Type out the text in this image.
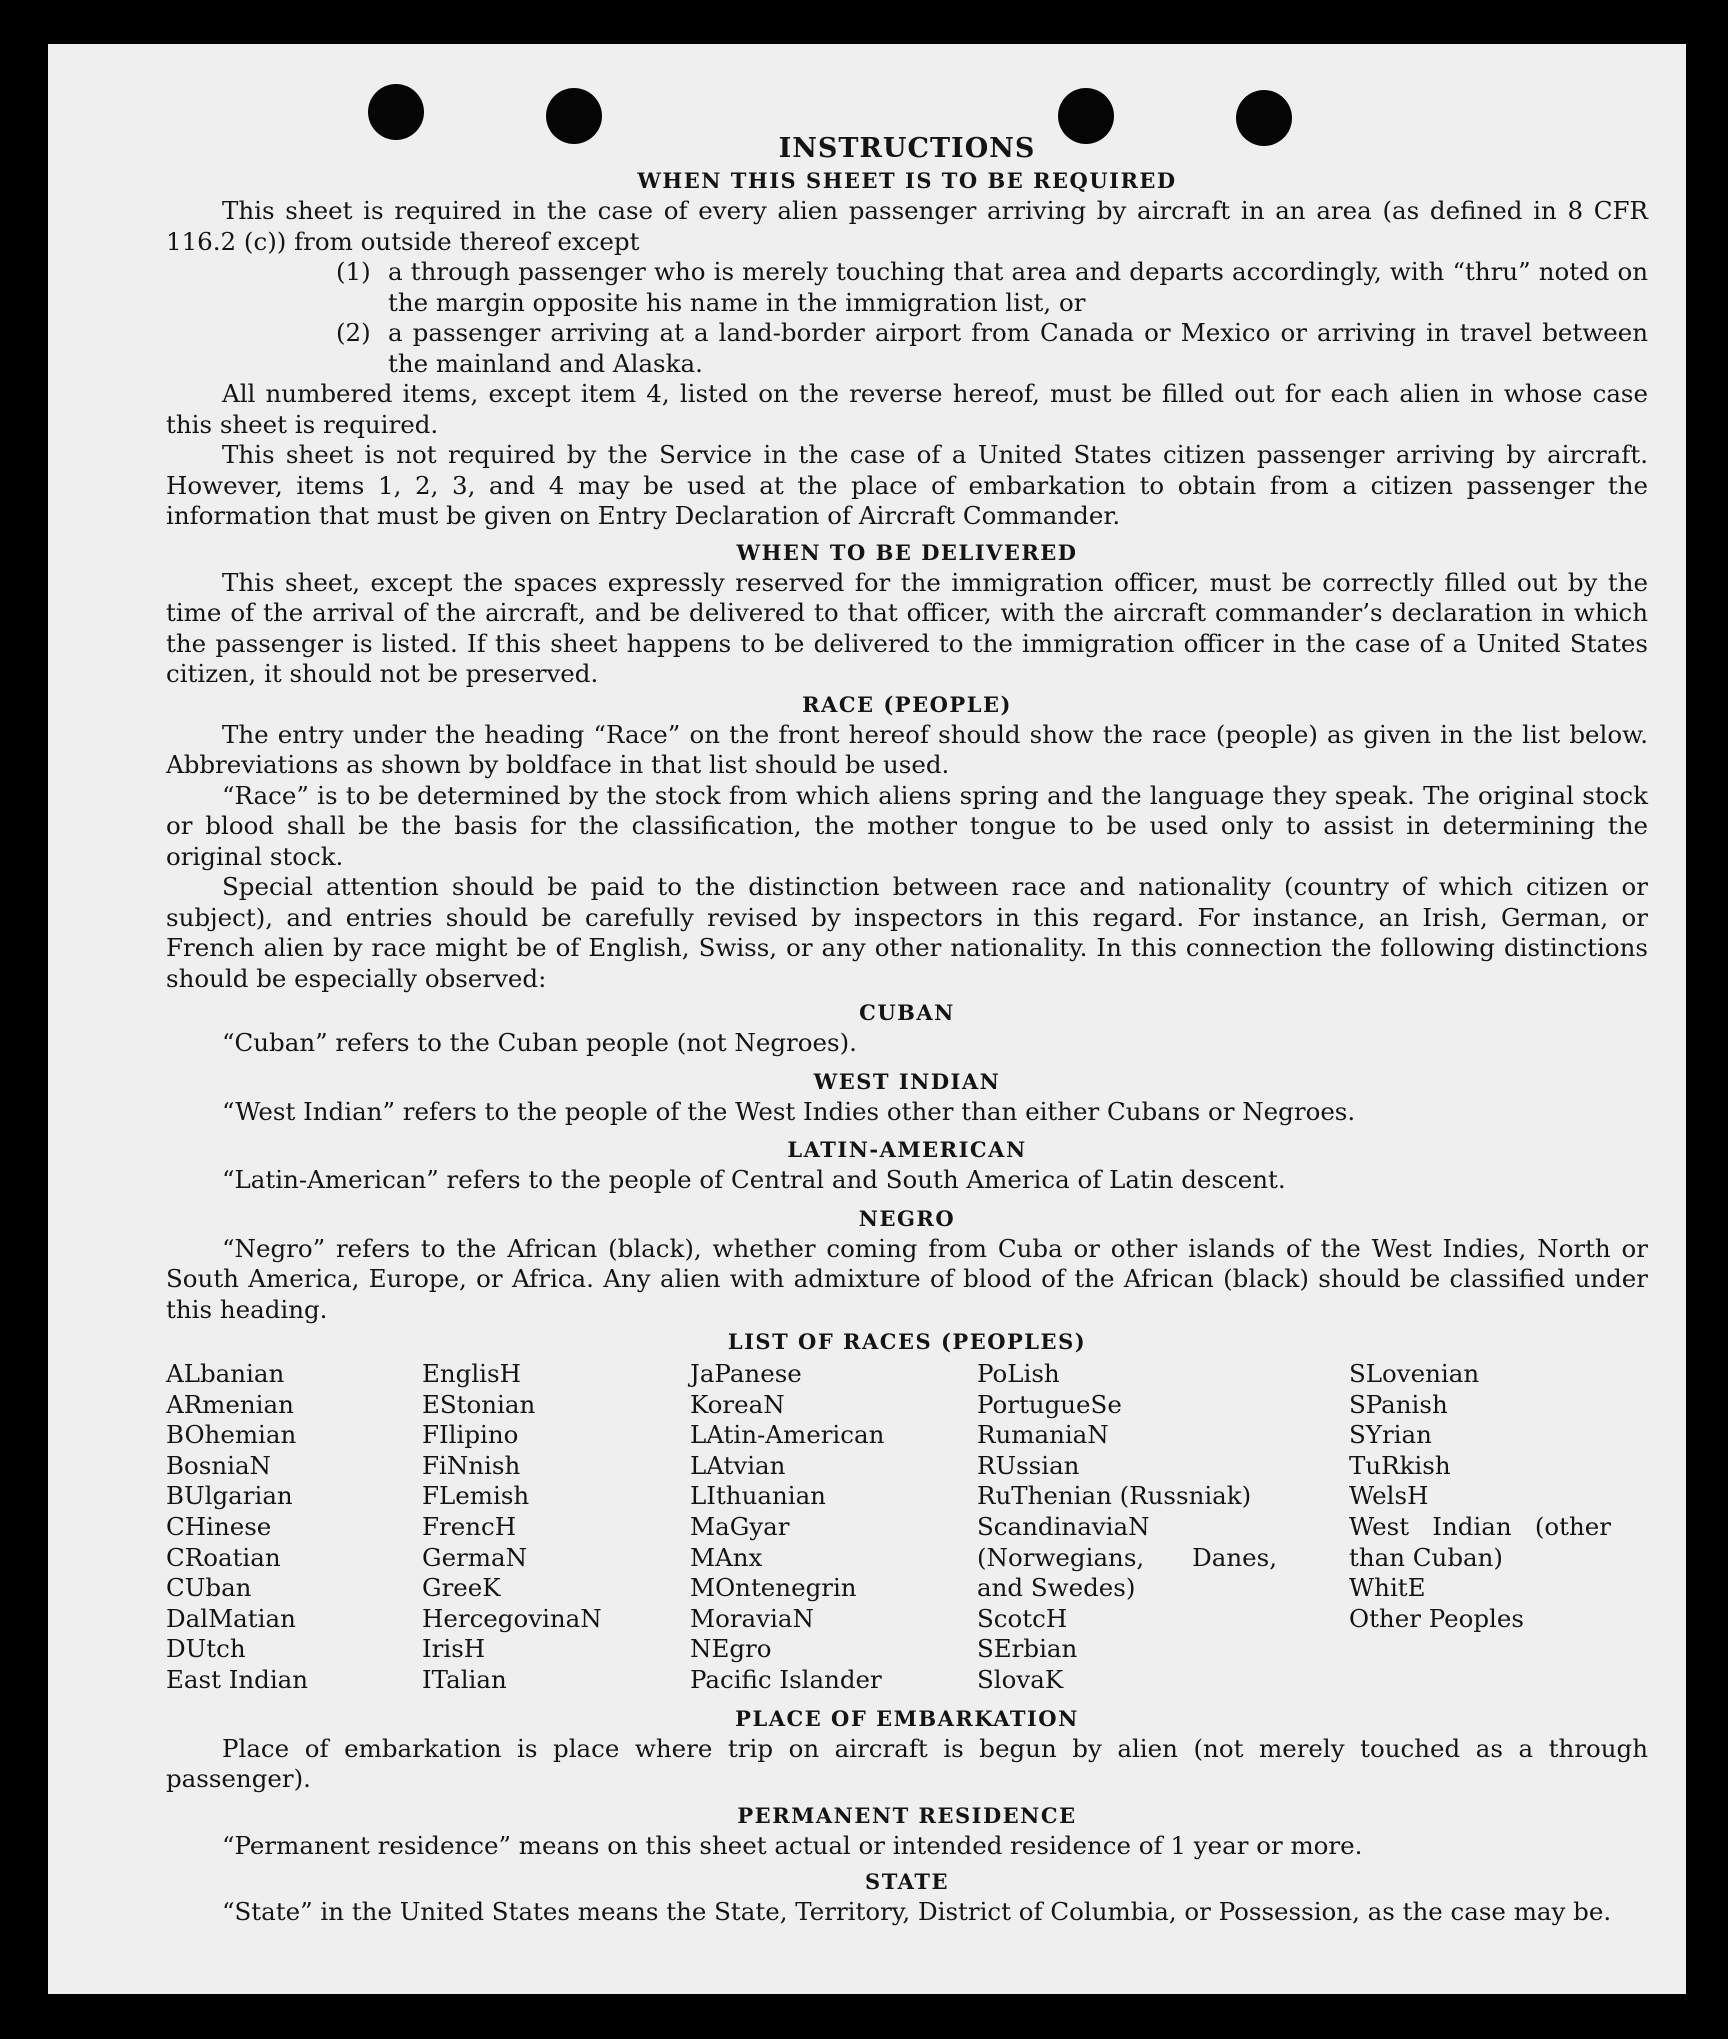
INSTRUCTIONS
WHEN THIS SHEET IS TO BE REQUIRED

This sheet is required in the case of every alien passenger arriving by aircraft in an area (as defined in 8 CFR 116.2 (c)) from outside thereof except

(1) a through passenger who is merely touching that area and departs accordingly, with “thru” noted on the margin opposite his name in the immigration list, or
(2) a passenger arriving at a land-border airport from Canada or Mexico or arriving in travel between the mainland and Alaska.

All numbered items, except item 4, listed on the reverse hereof, must be filled out for each alien in whose case this sheet is required.

This sheet is not required by the Service in the case of a United States citizen passenger arriving by aircraft. However, items 1, 2, 3, and 4 may be used at the place of embarkation to obtain from a citizen passenger the information that must be given on Entry Declaration of Aircraft Commander.

WHEN TO BE DELIVERED

This sheet, except the spaces expressly reserved for the immigration officer, must be correctly filled out by the time of the arrival of the aircraft, and be delivered to that officer, with the aircraft commander’s declaration in which the passenger is listed. If this sheet happens to be delivered to the immigration officer in the case of a United States citizen, it should not be preserved.

RACE (PEOPLE)

The entry under the heading “Race” on the front hereof should show the race (people) as given in the list below. Abbreviations as shown by boldface in that list should be used.

“Race” is to be determined by the stock from which aliens spring and the language they speak. The original stock or blood shall be the basis for the classification, the mother tongue to be used only to assist in determining the original stock.

Special attention should be paid to the distinction between race and nationality (country of which citizen or subject), and entries should be carefully revised by inspectors in this regard. For instance, an Irish, German, or French alien by race might be of English, Swiss, or any other nationality. In this connection the following distinctions should be especially observed:

CUBAN

“Cuban” refers to the Cuban people (not Negroes).

WEST INDIAN

“West Indian” refers to the people of the West Indies other than either Cubans or Negroes.

LATIN-AMERICAN

“Latin-American” refers to the people of Central and South America of Latin descent.

NEGRO

“Negro” refers to the African (black), whether coming from Cuba or other islands of the West Indies, North or South America, Europe, or Africa. Any alien with admixture of blood of the African (black) should be classified under this heading.

LIST OF RACES (PEOPLES)
ALbanian
ARmenian
BOhemian
BosniaN
BUlgarian
CHinese
CRoatian
CUban
DalMatian
DUtch
East Indian
EnglisH
EStonian
FIlipino
FiNnish
FLemish
FrencH
GermaN
GreeK
HercegovinaN
IrisH
ITalian
JaPanese
KoreaN
LAtin-American
LAtvian
LIthuanian
MaGyar
MAnx
MOntenegrin
MoraviaN
NEgro
Pacific Islander
PoLish
PortugueSe
RumaniaN
RUssian
RuThenian (Russniak)
ScandinaviaN (Norwegians, Danes, and Swedes)
ScotcH
SErbian
SlovaK
SLovenian
SPanish
SYrian
TuRkish
WelsH
West Indian (other than Cuban)
WhitE
Other Peoples
PLACE OF EMBARKATION

Place of embarkation is place where trip on aircraft is begun by alien (not merely touched as a through passenger).

PERMANENT RESIDENCE

“Permanent residence” means on this sheet actual or intended residence of 1 year or more.

STATE

“State” in the United States means the State, Territory, District of Columbia, or Possession, as the case may be.
